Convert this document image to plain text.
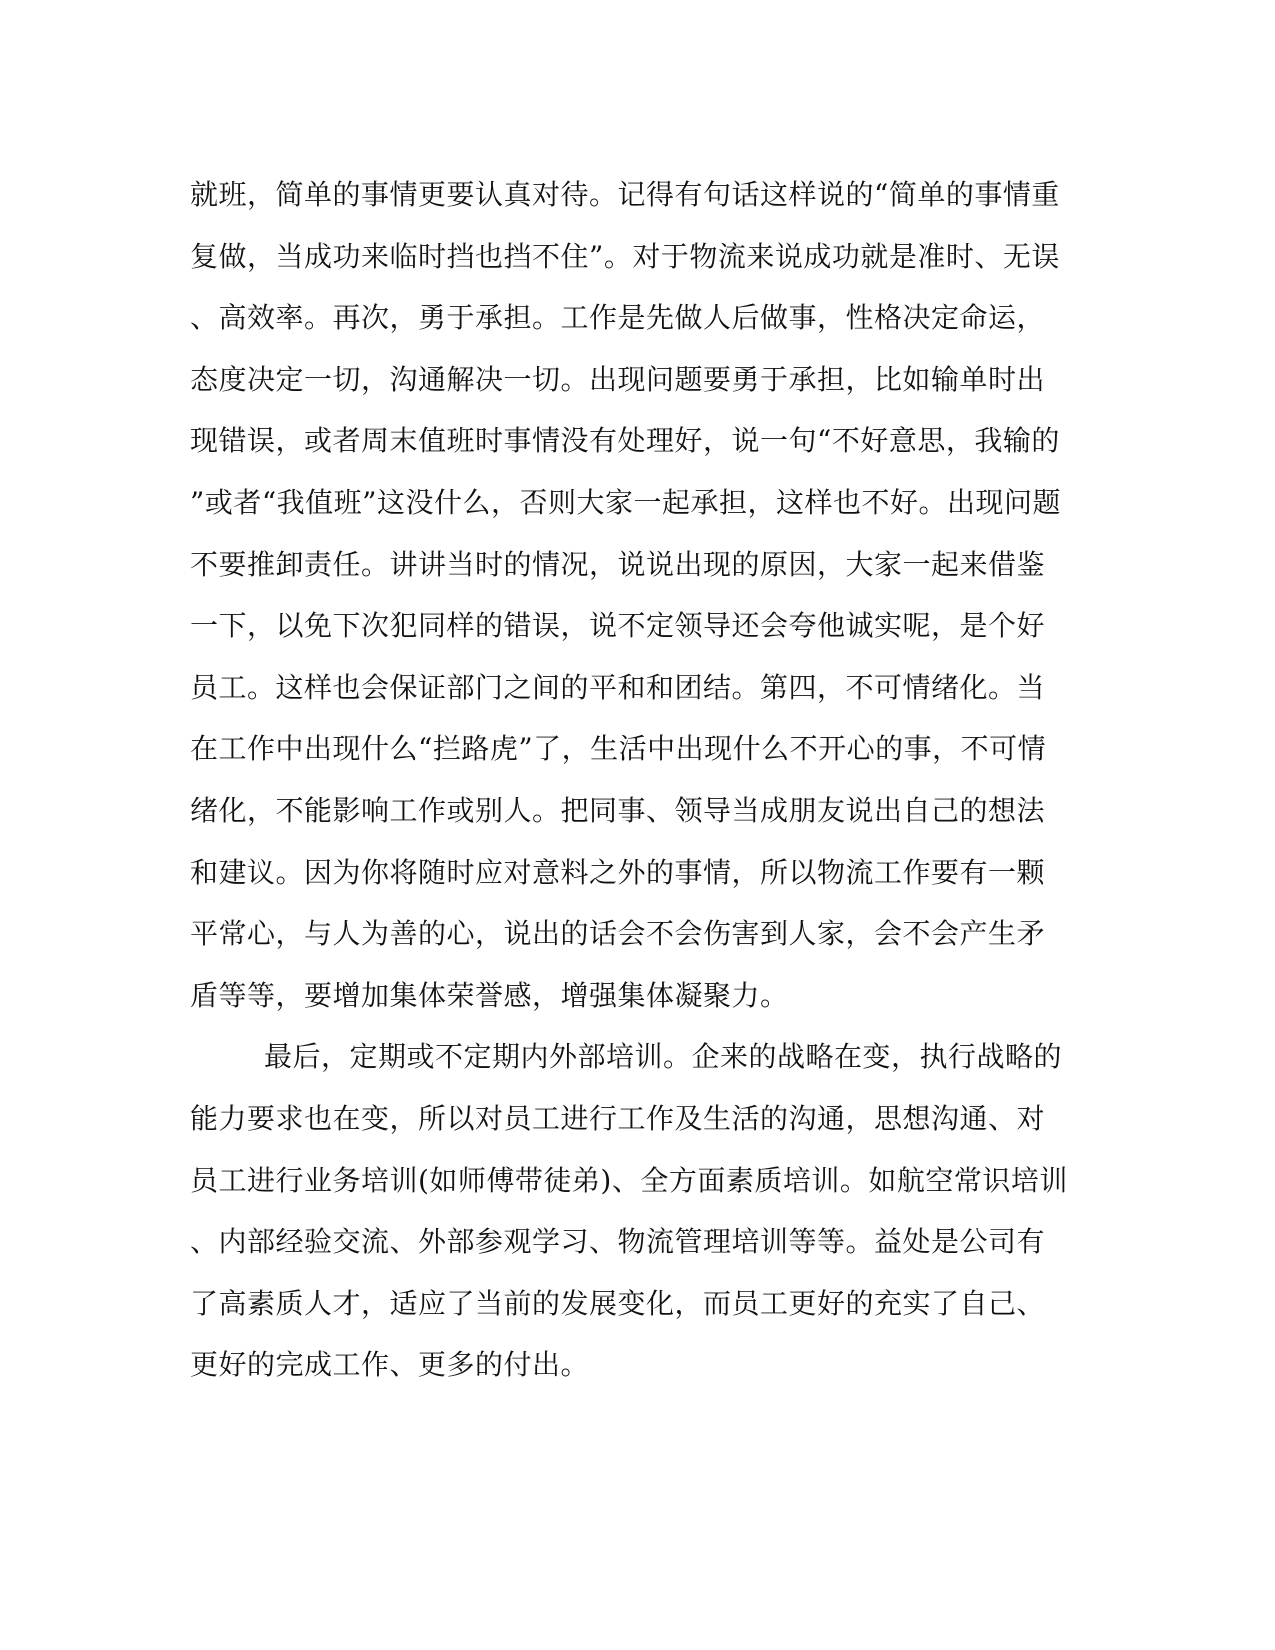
就班，简单的事情更要认真对待。记得有句话这样说的“简单的事情重
复做，当成功来临时挡也挡不住”。对于物流来说成功就是准时、无误
、高效率。再次，勇于承担。工作是先做人后做事，性格决定命运，
态度决定一切，沟通解决一切。出现问题要勇于承担，比如输单时出
现错误，或者周末值班时事情没有处理好，说一句“不好意思，我输的
”或者“我值班”这没什么，否则大家一起承担，这样也不好。出现问题
不要推卸责任。讲讲当时的情况，说说出现的原因，大家一起来借鉴
一下，以免下次犯同样的错误，说不定领导还会夸他诚实呢，是个好
员工。这样也会保证部门之间的平和和团结。第四，不可情绪化。当
在工作中出现什么“拦路虎”了，生活中出现什么不开心的事，不可情
绪化，不能影响工作或别人。把同事、领导当成朋友说出自己的想法
和建议。因为你将随时应对意料之外的事情，所以物流工作要有一颗
平常心，与人为善的心，说出的话会不会伤害到人家，会不会产生矛
盾等等，要增加集体荣誉感，增强集体凝聚力。
最后，定期或不定期内外部培训。企来的战略在变，执行战略的
能力要求也在变，所以对员工进行工作及生活的沟通，思想沟通、对
员工进行业务培训(如师傅带徒弟)、全方面素质培训。如航空常识培训
、内部经验交流、外部参观学习、物流管理培训等等。益处是公司有
了高素质人才，适应了当前的发展变化，而员工更好的充实了自己、
更好的完成工作、更多的付出。
